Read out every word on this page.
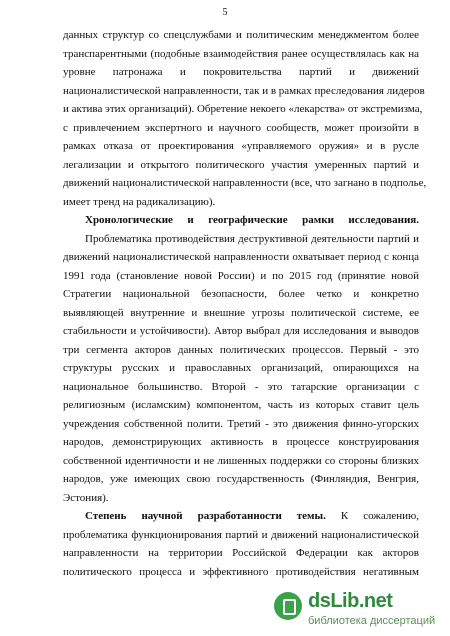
5
данных структур со спецслужбами и политическим менеджментом более
транспарентными (подобные взаимодействия ранее осуществлялась как на
уровне патронажа и покровительства партий и движений
националистической направленности, так и в рамках преследования лидеров
и актива этих организаций). Обретение некоего «лекарства» от экстремизма,
с привлечением экспертного и научного сообществ, может произойти в
рамках отказа от проектирования «управляемого оружия» и в русле
легализации и открытого политического участия умеренных партий и
движений националистической направленности (все, что загнано в подполье,
имеет тренд на радикализацию).
Хронологические и географические рамки исследования.
Проблематика противодействия деструктивной деятельности партий и
движений националистической направленности охватывает период с конца
1991 года (становление новой России) и по 2015 год (принятие новой
Стратегии национальной безопасности, более четко и конкретно
выявляющей внутренние и внешние угрозы политической системе, ее
стабильности и устойчивости). Автор выбрал для исследования и выводов
три сегмента акторов данных политических процессов. Первый - это
структуры русских и православных организаций, опирающихся на
национальное большинство. Второй - это татарские организации с
религиозным (исламским) компонентом, часть из которых ставит цель
учреждения собственной полити. Третий - это движения финно-угорских
народов, демонстрирующих активность в процессе конструирования
собственной идентичности и не лишенных поддержки со стороны близких
народов, уже имеющих свою государственность (Финляндия, Венгрия,
Эстония).
Степень научной разработанности темы. К сожалению,
проблематика функционирования партий и движений националистической
направленности на территории Российской Федерации как акторов
политического процесса и эффективного противодействия негативным
dsLib.net
библиотека диссертаций
